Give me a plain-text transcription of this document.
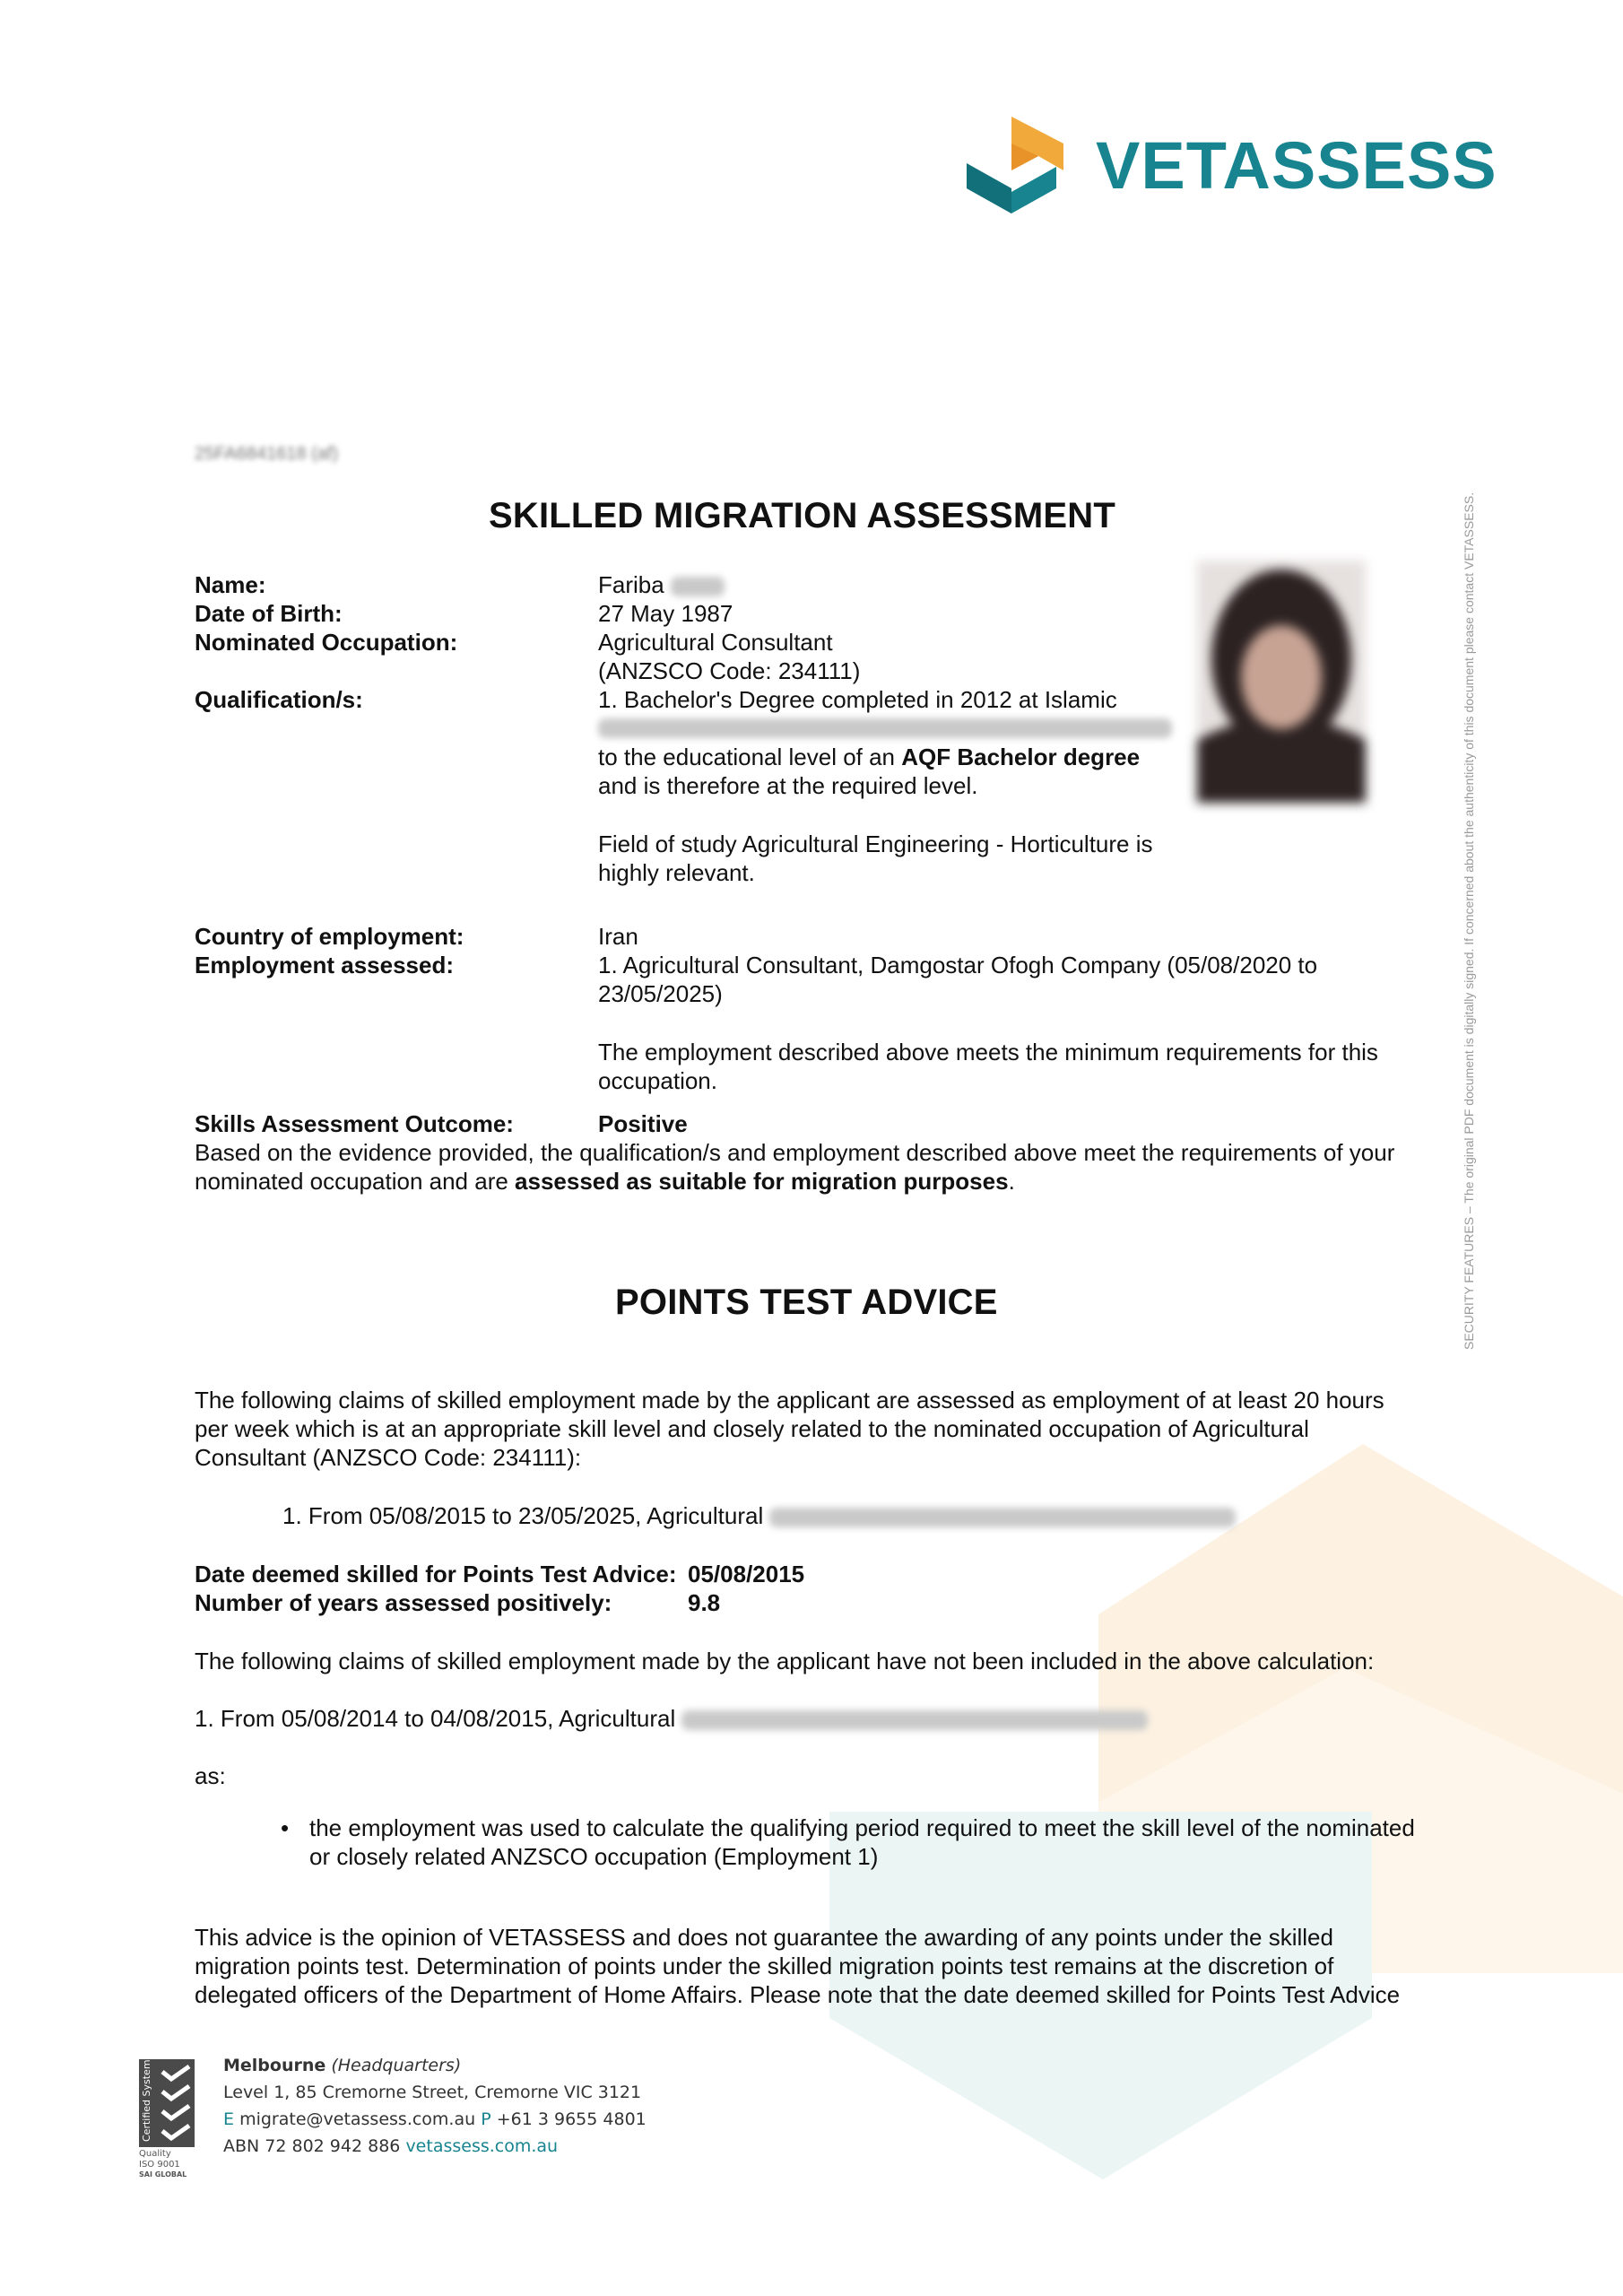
VETASSESS
SECURITY FEATURES – The original PDF document is digitally signed. If concerned about the authenticity of this document please contact VETASSESS.
25FA6841618 (af)
SKILLED MIGRATION ASSESSMENT
Name:	Fariba
Date of Birth:	27 May 1987
Nominated Occupation:	Agricultural Consultant
(ANZSCO Code: 234111)
Qualification/s:	1. Bachelor's Degree completed in 2012 at Islamic
to the educational level of an AQF Bachelor degree
and is therefore at the required level.
Field of study Agricultural Engineering - Horticulture is
highly relevant.
Country of employment:	Iran
Employment assessed:	1. Agricultural Consultant, Damgostar Ofogh Company (05/08/2020 to
23/05/2025)
The employment described above meets the minimum requirements for this
occupation.
Skills Assessment Outcome:	Positive
Based on the evidence provided, the qualification/s and employment described above meet the requirements of your
nominated occupation and are assessed as suitable for migration purposes.
POINTS TEST ADVICE
The following claims of skilled employment made by the applicant are assessed as employment of at least 20 hours
per week which is at an appropriate skill level and closely related to the nominated occupation of Agricultural
Consultant (ANZSCO Code: 234111):
1. From 05/08/2015 to 23/05/2025, Agricultural
Date deemed skilled for Points Test Advice: 05/08/2015
Number of years assessed positively:	9.8
The following claims of skilled employment made by the applicant have not been included in the above calculation:
1. From 05/08/2014 to 04/08/2015, Agricultural
as:
• the employment was used to calculate the qualifying period required to meet the skill level of the nominated
or closely related ANZSCO occupation (Employment 1)
This advice is the opinion of VETASSESS and does not guarantee the awarding of any points under the skilled
migration points test. Determination of points under the skilled migration points test remains at the discretion of
delegated officers of the Department of Home Affairs. Please note that the date deemed skilled for Points Test Advice
Certified System
Quality
ISO 9001
SAI GLOBAL
Melbourne (Headquarters)
Level 1, 85 Cremorne Street, Cremorne VIC 3121
E migrate@vetassess.com.au P +61 3 9655 4801
ABN 72 802 942 886 vetassess.com.au
